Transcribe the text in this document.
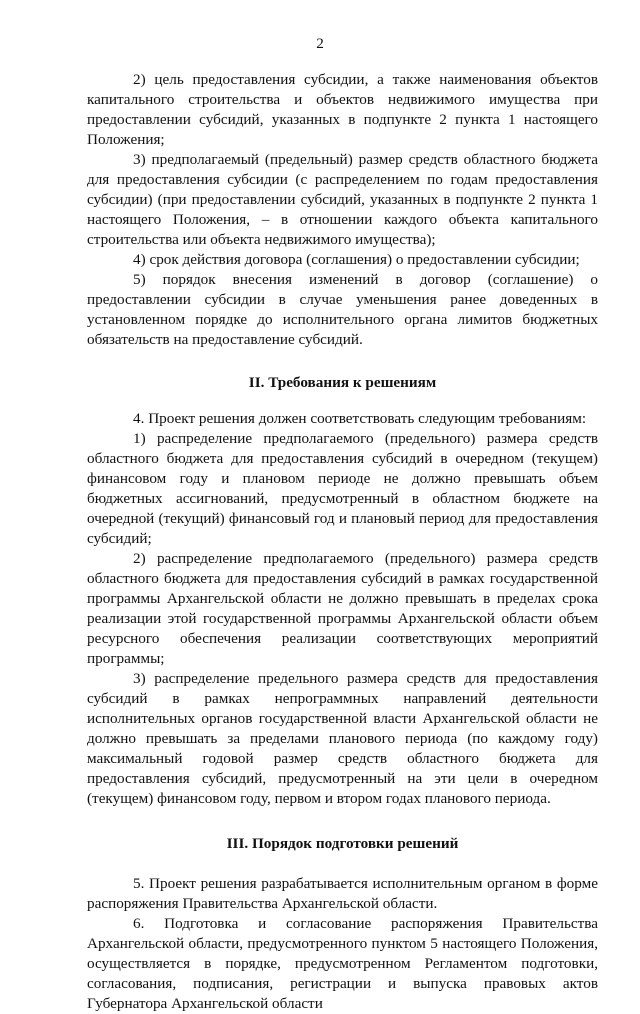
2

2) цель предоставления субсидии, а также наименования объектов капитального строительства и объектов недвижимого имущества при предоставлении субсидий, указанных в подпункте 2 пункта 1 настоящего Положения;

3) предполагаемый (предельный) размер средств областного бюджета для предоставления субсидии (с распределением по годам предоставления субсидии) (при предоставлении субсидий, указанных в подпункте 2 пункта 1 настоящего Положения, – в отношении каждого объекта капитального строительства или объекта недвижимого имущества);

4) срок действия договора (соглашения) о предоставлении субсидии;

5) порядок внесения изменений в договор (соглашение) о предоставлении субсидии в случае уменьшения ранее доведенных в установленном порядке до исполнительного органа лимитов бюджетных обязательств на предоставление субсидий.

II. Требования к решениям

4. Проект решения должен соответствовать следующим требованиям:

1) распределение предполагаемого (предельного) размера средств областного бюджета для предоставления субсидий в очередном (текущем) финансовом году и плановом периоде не должно превышать объем бюджетных ассигнований, предусмотренный в областном бюджете на очередной (текущий) финансовый год и плановый период для предоставления субсидий;

2) распределение предполагаемого (предельного) размера средств областного бюджета для предоставления субсидий в рамках государственной программы Архангельской области не должно превышать в пределах срока реализации этой государственной программы Архангельской области объем ресурсного обеспечения реализации соответствующих мероприятий программы;

3) распределение предельного размера средств для предоставления субсидий в рамках непрограммных направлений деятельности исполнительных органов государственной власти Архангельской области не должно превышать за пределами планового периода (по каждому году) максимальный годовой размер средств областного бюджета для предоставления субсидий, предусмотренный на эти цели в очередном (текущем) финансовом году, первом и втором годах планового периода.

III. Порядок подготовки решений

5. Проект решения разрабатывается исполнительным органом в форме распоряжения Правительства Архангельской области.

6. Подготовка и согласование распоряжения Правительства Архангельской области, предусмотренного пунктом 5 настоящего Положения, осуществляется в порядке, предусмотренном Регламентом подготовки, согласования, подписания, регистрации и выпуска правовых актов Губернатора Архангельской области
